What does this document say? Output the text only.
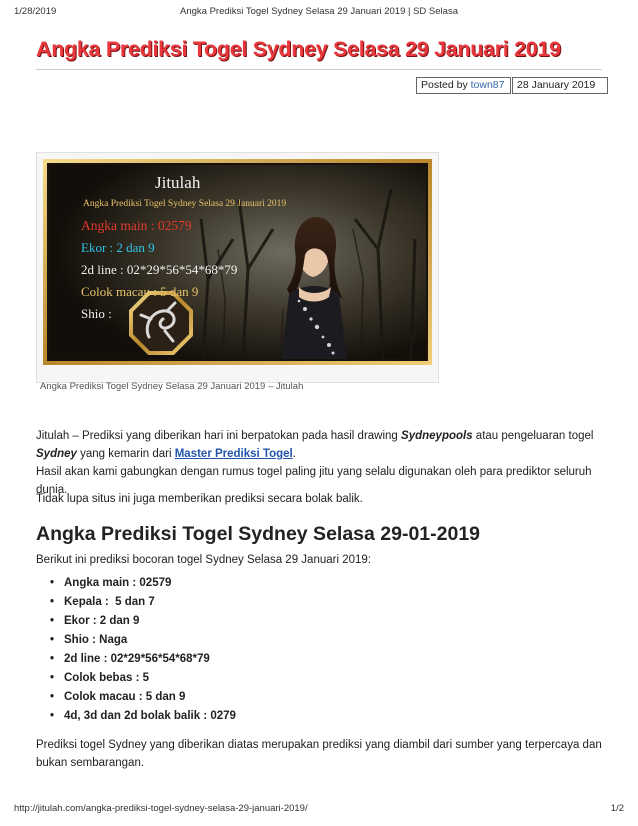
1/28/2019	Angka Prediksi Togel Sydney Selasa 29 Januari 2019 | SD Selasa
Angka Prediksi Togel Sydney Selasa 29 Januari 2019
Posted by town87	28 January 2019
Jitulah
Angka Prediksi Togel Sydney Selasa 29 Januari 2019
Angka main : 02579
Ekor : 2 dan 9
2d line : 02*29*56*54*68*79
Colok macau : 5 dan 9
Shio :
Angka Prediksi Togel Sydney Selasa 29 Januari 2019 – Jitulah

Jitulah – Prediksi yang diberikan hari ini berpatokan pada hasil drawing Sydneypools atau pengeluaran togel Sydney yang kemarin dari Master Prediksi Togel.

Hasil akan kami gabungkan dengan rumus togel paling jitu yang selalu digunakan oleh para prediktor seluruh dunia.
Tidak lupa situs ini juga memberikan prediksi secara bolak balik.
Angka Prediksi Togel Sydney Selasa 29-01-2019
Berikut ini prediksi bocoran togel Sydney Selasa 29 Januari 2019:
• Angka main : 02579
• Kepala :  5 dan 7
• Ekor : 2 dan 9
• Shio : Naga
• 2d line : 02*29*56*54*68*79
• Colok bebas : 5
• Colok macau : 5 dan 9
• 4d, 3d dan 2d bolak balik : 0279
Prediksi togel Sydney yang diberikan diatas merupakan prediksi yang diambil dari sumber yang terpercaya dan bukan sembarangan.
http://jitulah.com/angka-prediksi-togel-sydney-selasa-29-januari-2019/	1/2
